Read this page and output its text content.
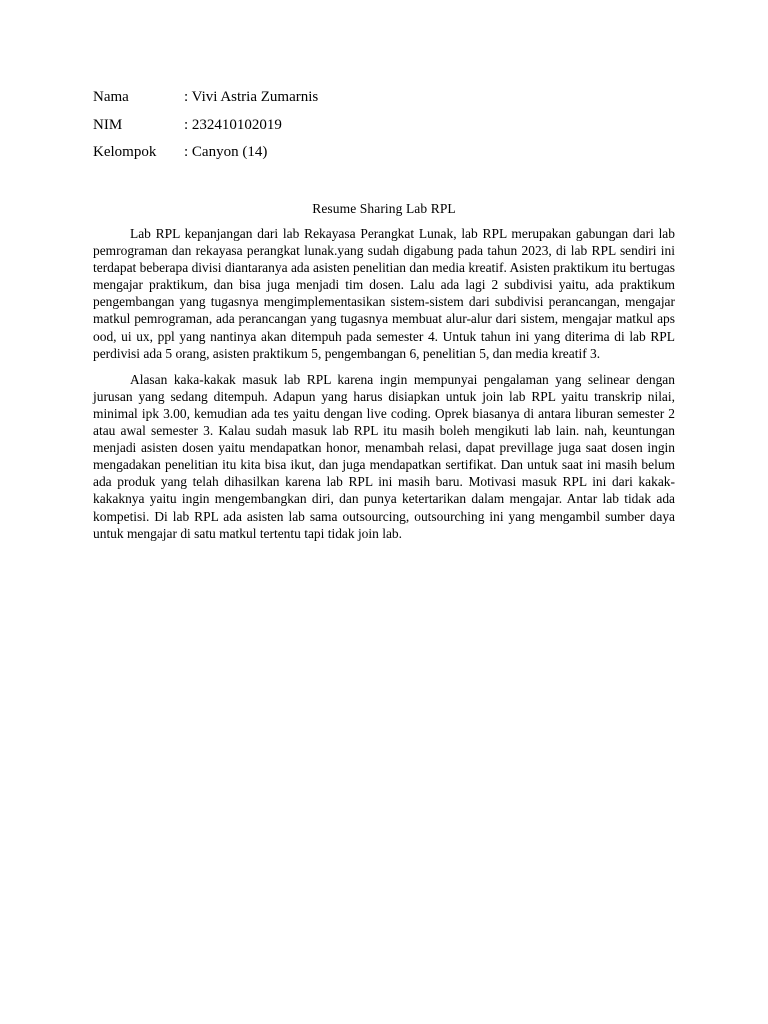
Nama	: Vivi Astria Zumarnis
NIM	: 232410102019
Kelompok	: Canyon (14)
Resume Sharing Lab RPL

Lab RPL kepanjangan dari lab Rekayasa Perangkat Lunak, lab RPL merupakan gabungan dari lab pemrograman dan rekayasa perangkat lunak.yang sudah digabung pada tahun 2023, di lab RPL sendiri ini terdapat beberapa divisi diantaranya ada asisten penelitian dan media kreatif. Asisten praktikum itu bertugas mengajar praktikum, dan bisa juga menjadi tim dosen. Lalu ada lagi 2 subdivisi yaitu, ada praktikum pengembangan yang tugasnya mengimplementasikan sistem-sistem dari subdivisi perancangan, mengajar matkul pemrograman, ada perancangan yang tugasnya membuat alur-alur dari sistem, mengajar matkul aps ood, ui ux, ppl yang nantinya akan ditempuh pada semester 4. Untuk tahun ini yang diterima di lab RPL perdivisi ada 5 orang, asisten praktikum 5, pengembangan 6, penelitian 5, dan media kreatif 3.

Alasan kaka-kakak masuk lab RPL karena ingin mempunyai pengalaman yang selinear dengan jurusan yang sedang ditempuh. Adapun yang harus disiapkan untuk join lab RPL yaitu transkrip nilai, minimal ipk 3.00, kemudian ada tes yaitu dengan live coding. Oprek biasanya di antara liburan semester 2 atau awal semester 3. Kalau sudah masuk lab RPL itu masih boleh mengikuti lab lain. nah, keuntungan menjadi asisten dosen yaitu mendapatkan honor, menambah relasi, dapat previllage juga saat dosen ingin mengadakan penelitian itu kita bisa ikut, dan juga mendapatkan sertifikat. Dan untuk saat ini masih belum ada produk yang telah dihasilkan karena lab RPL ini masih baru. Motivasi masuk RPL ini dari kakak-kakaknya yaitu ingin mengembangkan diri, dan punya ketertarikan dalam mengajar. Antar lab tidak ada kompetisi. Di lab RPL ada asisten lab sama outsourcing, outsourching ini yang mengambil sumber daya untuk mengajar di satu matkul tertentu tapi tidak join lab.
